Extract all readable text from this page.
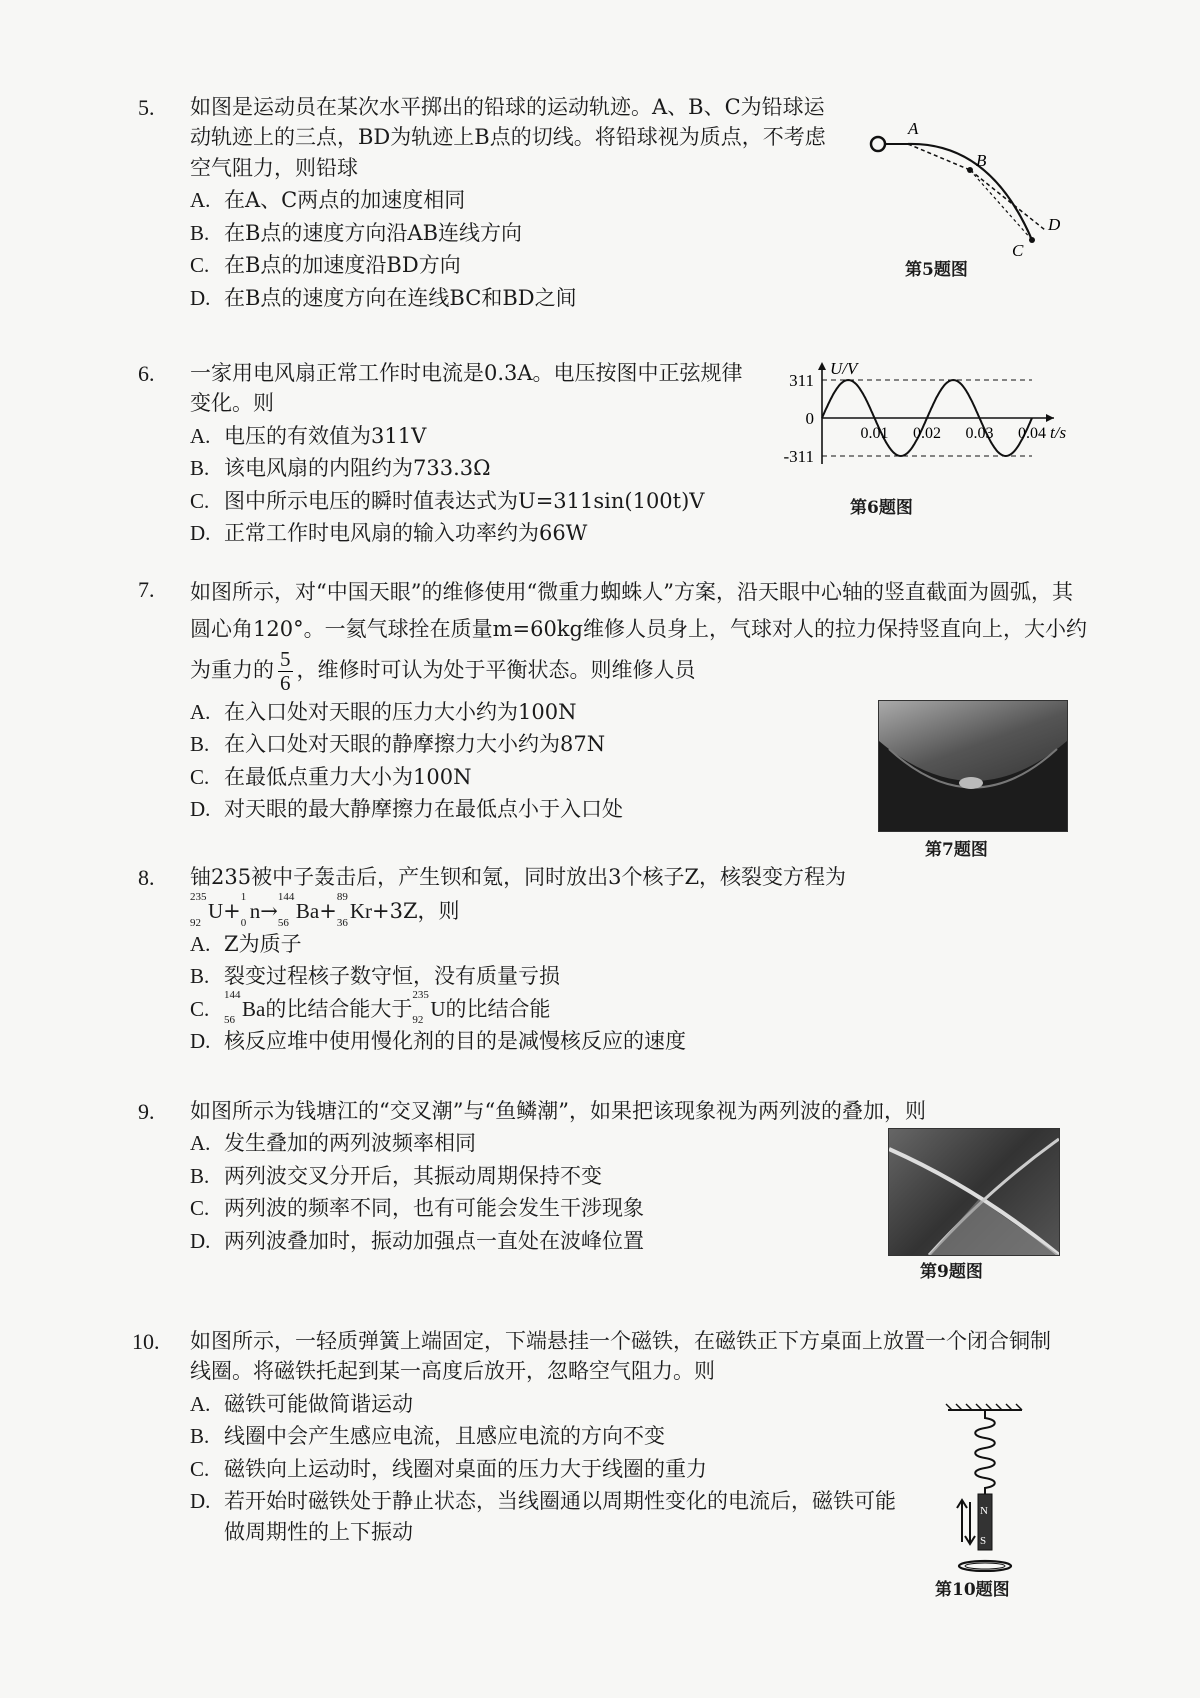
5. 如图是运动员在某次水平掷出的铅球的运动轨迹。A、B、C为铅球运动轨迹上的三点，BD为轨迹上B点的切线。将铅球视为质点，不考虑空气阻力，则铅球

A. 在A、C两点的加速度相同
B. 在B点的速度方向沿AB连线方向
C. 在B点的加速度沿BD方向
D. 在B点的速度方向在连线BC和BD之间
A
B
C
D
第5题图
6. 一家用电风扇正常工作时电流是0.3A。电压按图中正弦规律变化。则

A. 电压的有效值为311V
B. 该电风扇的内阻约为733.3Ω
C. 图中所示电压的瞬时值表达式为U=311sin(100t)V
D. 正常工作时电风扇的输入功率约为66W
U/V
t/s
311
0
-311
0.01 0.02 0.03 0.04
第6题图
7. 如图所示，对“中国天眼”的维修使用“微重力蜘蛛人”方案，沿天眼中心轴的竖直截面为圆弧，其圆心角120°。一氦气球拴在质量m=60kg维修人员身上，气球对人的拉力保持竖直向上，大小约为重力的 $\frac{5}{6}$ ，维修时可认为处于平衡状态。则维修人员

A. 在入口处对天眼的压力大小约为100N
B. 在入口处对天眼的静摩擦力大小约为87N
C. 在最低点重力大小为100N
D. 对天眼的最大静摩擦力在最低点小于入口处
第7题图
8. 铀235被中子轰击后，产生钡和氪，同时放出3个核子Z，核裂变方程为

235
92 U+
1
0 n→
144
56 Ba+
89
36 Kr+3Z，则
A. Z为质子
B. 裂变过程核子数守恒，没有质量亏损
C.
144
56 Ba的比结合能大于
235
92 U的比结合能
D. 核反应堆中使用慢化剂的目的是减慢核反应的速度
9. 如图所示为钱塘江的“交叉潮”与“鱼鳞潮”，如果把该现象视为两列波的叠加，则

A. 发生叠加的两列波频率相同
B. 两列波交叉分开后，其振动周期保持不变
C. 两列波的频率不同，也有可能会发生干涉现象
D. 两列波叠加时，振动加强点一直处在波峰位置
第9题图
10. 如图所示，一轻质弹簧上端固定，下端悬挂一个磁铁，在磁铁正下方桌面上放置一个闭合铜制线圈。将磁铁托起到某一高度后放开，忽略空气阻力。则

A. 磁铁可能做简谐运动
B. 线圈中会产生感应电流，且感应电流的方向不变
C. 磁铁向上运动时，线圈对桌面的压力大于线圈的重力
D. 若开始时磁铁处于静止状态，当线圈通以周期性变化的电流后，磁铁可能做周期性的上下振动
N
S
第10题图
